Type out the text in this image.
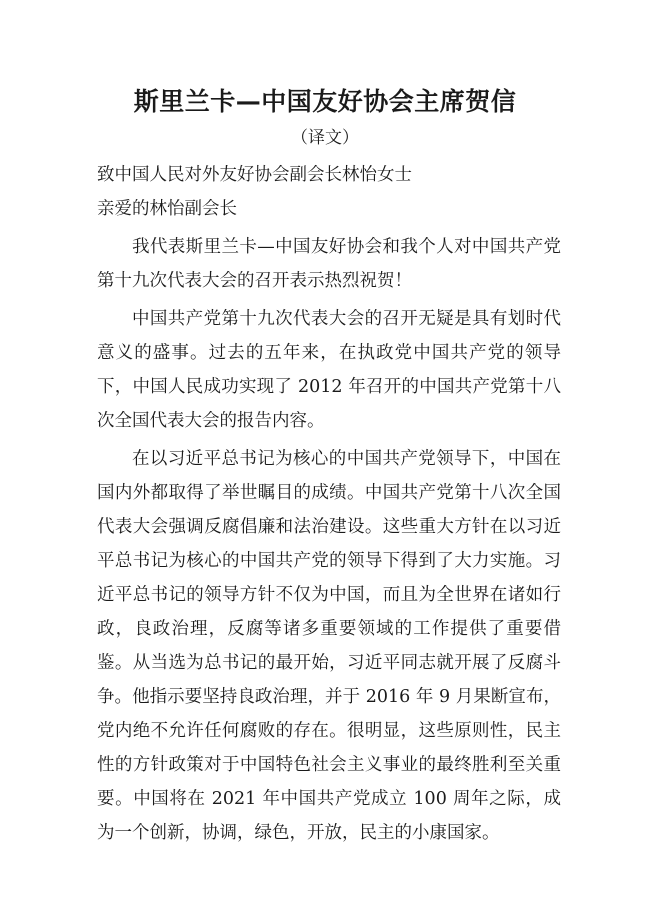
斯里兰卡—中国友好协会主席贺信
（译文）

致中国人民对外友好协会副会长林怡女士

亲爱的林怡副会长

我代表斯里兰卡—中国友好协会和我个人对中国共产党第十九次代表大会的召开表示热烈祝贺！

中国共产党第十九次代表大会的召开无疑是具有划时代意义的盛事。过去的五年来，在执政党中国共产党的领导下，中国人民成功实现了 2012 年召开的中国共产党第十八次全国代表大会的报告内容。

在以习近平总书记为核心的中国共产党领导下，中国在国内外都取得了举世瞩目的成绩。中国共产党第十八次全国代表大会强调反腐倡廉和法治建设。这些重大方针在以习近平总书记为核心的中国共产党的领导下得到了大力实施。习近平总书记的领导方针不仅为中国，而且为全世界在诸如行政，良政治理，反腐等诸多重要领域的工作提供了重要借鉴。从当选为总书记的最开始，习近平同志就开展了反腐斗争。他指示要坚持良政治理，并于 2016 年 9 月果断宣布，党内绝不允许任何腐败的存在。很明显，这些原则性，民主性的方针政策对于中国特色社会主义事业的最终胜利至关重要。中国将在 2021 年中国共产党成立 100 周年之际，成为一个创新，协调，绿色，开放，民主的小康国家。
